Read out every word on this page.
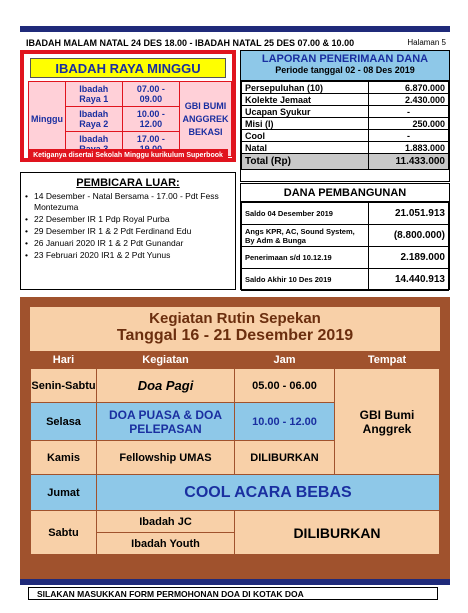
IBADAH MALAM NATAL 24 DES 18.00 - IBADAH NATAL 25 DES 07.00 & 10.00	Halaman 5
IBADAH RAYA MINGGU
Minggu	Ibadah Raya 1	07.00 - 09.00	GBI BUMI ANGGREK BEKASI
	Ibadah Raya 2	10.00 - 12.00	
	Ibadah	17.00 -	
Ketiganya disertai Sekolah Minggu kurikulum Superbook
LAPORAN PENERIMAAN DANA
Periode tanggal 02 - 08 Des 2019
Persepuluhan (10)	6.870.000
Kolekte Jemaat	2.430.000
Ucapan Syukur	-
Misi (I)	250.000
Cool	-
Natal	1.883.000
Total (Rp)	11.433.000
PEMBICARA LUAR:
• 14 Desember - Natal Bersama - 17.00 - Pdt Fess Montezuma
• 22 Desember IR 1 Pdp Royal Purba
• 29 Desember IR 1 & 2 Pdt Ferdinand Edu
• 26 Januari 2020 IR 1 & 2 Pdt Gunandar
• 23 Februari 2020 IR1 & 2 Pdt Yunus
DANA PEMBANGUNAN
Saldo 04 Desember 2019	21.051.913
Angs KPR, AC, Sound System, By Adm & Bunga	(8.800.000)
Penerimaan s/d 10.12.19	2.189.000
Saldo Akhir 10 Des 2019	14.440.913
Kegiatan Rutin Sepekan
Tanggal 16 - 21 Desember 2019
Hari	Kegiatan	Jam	Tempat
Senin-Sabtu	Doa Pagi	05.00 - 06.00	GBI Bumi Anggrek
Selasa	DOA PUASA & DOA PELEPASAN	10.00 - 12.00	
Kamis	Fellowship UMAS	DILIBURKAN	
Jumat	COOL ACARA BEBAS		
Sabtu	Ibadah JC	DILIBURKAN	
	Ibadah Youth		
SILAKAN MASUKKAN FORM PERMOHONAN DOA DI KOTAK DOA
